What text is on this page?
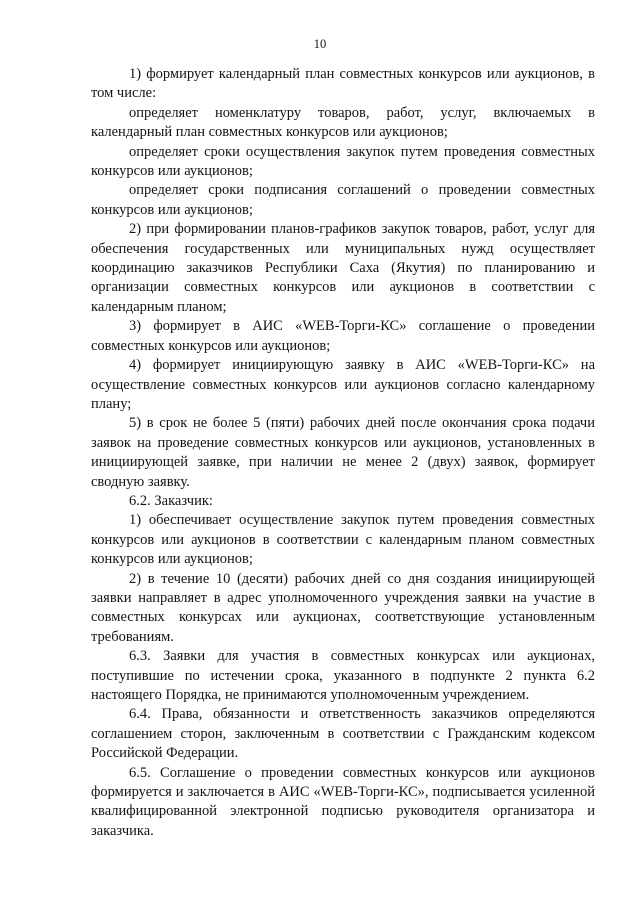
10

1) формирует календарный план совместных конкурсов или аукционов, в том числе:

определяет номенклатуру товаров, работ, услуг, включаемых в календарный план совместных конкурсов или аукционов;

определяет сроки осуществления закупок путем проведения совместных конкурсов или аукционов;

определяет сроки подписания соглашений о проведении совместных конкурсов или аукционов;

2) при формировании планов-графиков закупок товаров, работ, услуг для обеспечения государственных или муниципальных нужд осуществляет координацию заказчиков Республики Саха (Якутия) по планированию и организации совместных конкурсов или аукционов в соответствии с календарным планом;

3) формирует в АИС «WEB-Торги-КС» соглашение о проведении совместных конкурсов или аукционов;

4) формирует инициирующую заявку в АИС «WEB-Торги-КС» на осуществление совместных конкурсов или аукционов согласно календарному плану;

5) в срок не более 5 (пяти) рабочих дней после окончания срока подачи заявок на проведение совместных конкурсов или аукционов, установленных в инициирующей заявке, при наличии не менее 2 (двух) заявок, формирует сводную заявку.

6.2. Заказчик:

1) обеспечивает осуществление закупок путем проведения совместных конкурсов или аукционов в соответствии с календарным планом совместных конкурсов или аукционов;

2) в течение 10 (десяти) рабочих дней со дня создания инициирующей заявки направляет в адрес уполномоченного учреждения заявки на участие в совместных конкурсах или аукционах, соответствующие установленным требованиям.

6.3. Заявки для участия в совместных конкурсах или аукционах, поступившие по истечении срока, указанного в подпункте 2 пункта 6.2 настоящего Порядка, не принимаются уполномоченным учреждением.

6.4. Права, обязанности и ответственность заказчиков определяются соглашением сторон, заключенным в соответствии с Гражданским кодексом Российской Федерации.

6.5. Соглашение о проведении совместных конкурсов или аукционов формируется и заключается в АИС «WEB-Торги-КС», подписывается усиленной квалифицированной электронной подписью руководителя организатора и заказчика.
